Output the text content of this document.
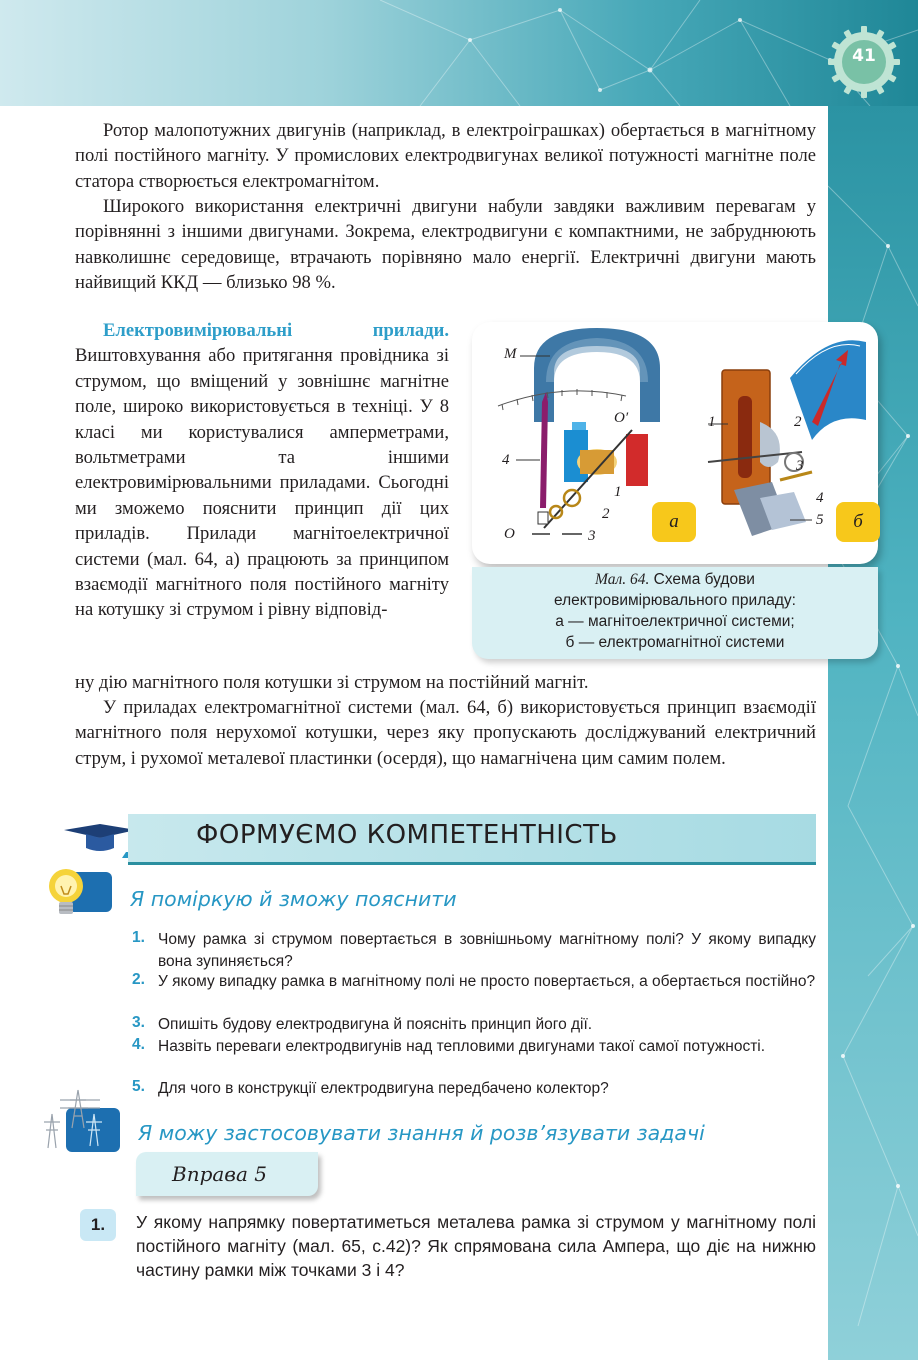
41
Ротор малопотужних двигунів (наприклад, в електроіграшках) обертається в магнітному полі постійного магніту. У промислових електродвигунах великої потужності магнітне поле статора створюється електромагнітом.
Широкого використання електричні двигуни набули завдяки важливим перевагам у порівнянні з іншими двигунами. Зокрема, електродвигуни є компактними, не забруднюють навколишнє середовище, втрачають порівняно мало енергії. Електричні двигуни мають найвищий ККД — близько 98 %.
Електровимірювальні прилади. Виштовхування або притягання провідника зі струмом, що вміщений у зовнішнє магнітне поле, широко використовується в техніці. У 8 класі ми користувалися амперметрами, вольтметрами та іншими електровимірювальними приладами. Сьогодні ми зможемо пояснити принцип дії цих приладів. Прилади магнітоелектричної системи (мал. 64, а) працюють за принципом взаємодії магнітного поля постійного магніту на котушку зі струмом і рівну відповід-
ну дію магнітного поля котушки зі струмом на постійний магніт.
У приладах електромагнітної системи (мал. 64, б) використовується принцип взаємодії магнітного поля нерухомої котушки, через яку пропускають досліджуваний електричний струм, і рухомої металевої пластинки (осердя), що намагнічена цим самим полем.
M
O′
4
2
1
O	3
1	2
3
4
5
а	б
Мал. 64. Схема будови
електровимірювального приладу:
а — магнітоелектричної системи;
б — електромагнітної системи
ФОРМУЄМО КОМПЕТЕНТНІСТЬ
Я поміркую й зможу пояснити
1. Чому рамка зі струмом повертається в зовнішньому магнітному полі? У якому випадку вона зупиняється?
2. У якому випадку рамка в магнітному полі не просто повертається, а обертається постійно?
3. Опишіть будову електродвигуна й поясніть принцип його дії.
4. Назвіть переваги електродвигунів над тепловими двигунами такої самої потужності.
5. Для чого в конструкції електродвигуна передбачено колектор?
Я можу застосовувати знання й розв’язувати задачі
Вправа 5
1.	У якому напрямку повертатиметься металева рамка зі струмом у магнітному полі постійного магніту (мал. 65, с.42)? Як спрямована сила Ампера, що діє на нижню частину рамки між точками 3 і 4?
